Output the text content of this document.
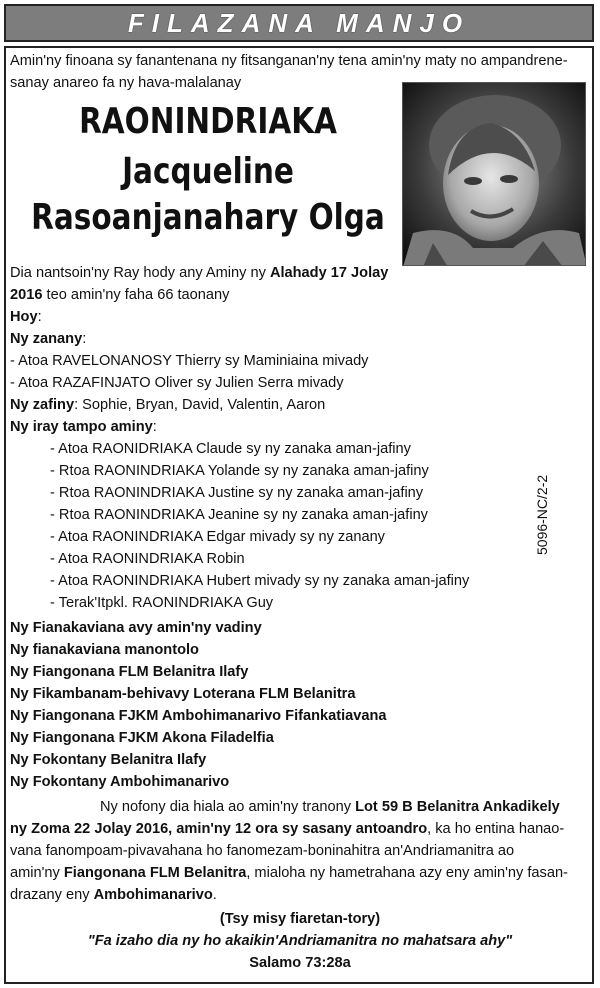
FILAZANA MANJO
Amin'ny finoana sy fanantenana ny fitsanganan'ny tena amin'ny maty no ampandrene-
sanay anareo fa ny hava-malalanay
RAONINDRIAKA
Jacqueline
Rasoanjanahary Olga
Dia nantsoin'ny Ray hody any Aminy ny Alahady 17 Jolay
2016 teo amin'ny faha 66 taonany
Hoy:
Ny zanany:
- Atoa RAVELONANOSY Thierry sy Maminiaina mivady
- Atoa RAZAFINJATO Oliver sy Julien Serra mivady
Ny zafiny: Sophie, Bryan, David, Valentin, Aaron
Ny iray tampo aminy:
- Atoa RAONIDRIAKA Claude sy ny zanaka aman-jafiny
- Rtoa RAONINDRIAKA Yolande sy ny zanaka aman-jafiny
- Rtoa RAONINDRIAKA Justine sy ny zanaka aman-jafiny
- Rtoa RAONINDRIAKA Jeanine sy ny zanaka aman-jafiny
- Atoa RAONINDRIAKA Edgar mivady sy ny zanany
- Atoa RAONINDRIAKA Robin
- Atoa RAONINDRIAKA Hubert mivady sy ny zanaka aman-jafiny
- Terak'Itpkl. RAONINDRIAKA Guy
Ny Fianakaviana avy amin'ny vadiny
Ny fianakaviana manontolo
Ny Fiangonana FLM Belanitra Ilafy
Ny Fikambanam-behivavy Loterana FLM Belanitra
Ny Fiangonana FJKM Ambohimanarivo Fifankatiavana
Ny Fiangonana FJKM Akona Filadelfia
Ny Fokontany Belanitra Ilafy
Ny Fokontany Ambohimanarivo
Ny nofony dia hiala ao amin'ny tranony Lot 59 B Belanitra Ankadikely
ny Zoma 22 Jolay 2016, amin'ny 12 ora sy sasany antoandro, ka ho entina hanao-
vana fanompoam-pivavahana ho fanomezam-boninahitra an'Andriamanitra ao
amin'ny Fiangonana FLM Belanitra, mialoha ny hametrahana azy eny amin'ny fasan-
drazany eny Ambohimanarivo.
(Tsy misy fiaretan-tory)
"Fa izaho dia ny ho akaikin'Andriamanitra no mahatsara ahy"
Salamo 73:28a
5096-NC/2-2
